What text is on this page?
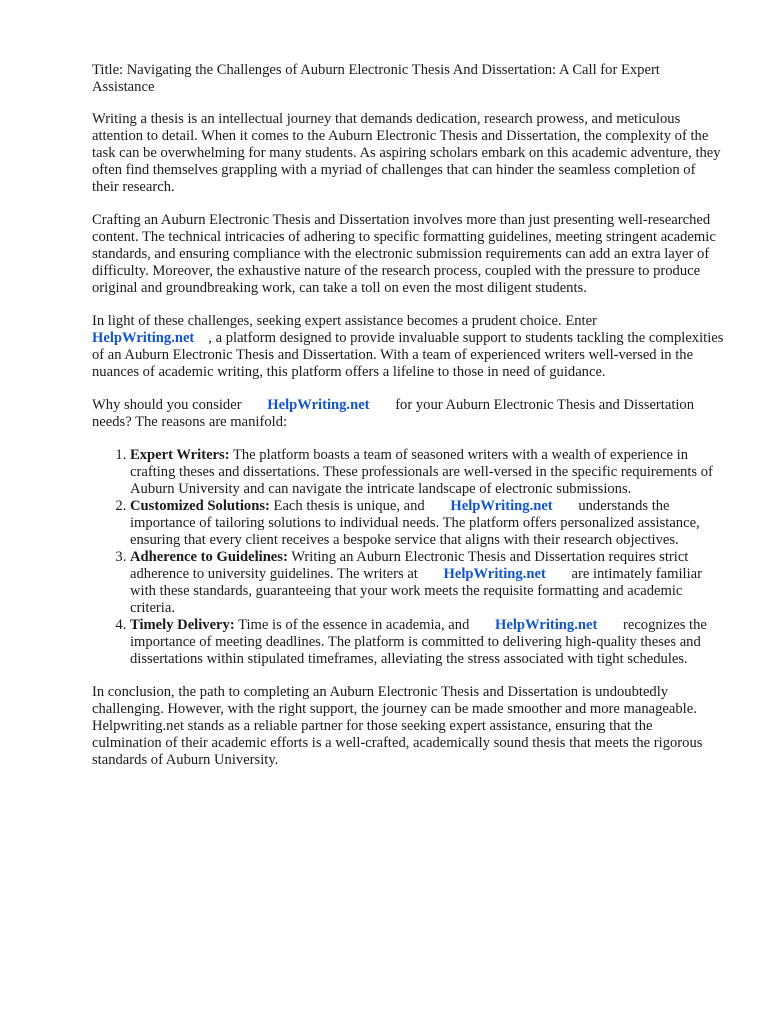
Title: Navigating the Challenges of Auburn Electronic Thesis And Dissertation: A Call for Expert Assistance

Writing a thesis is an intellectual journey that demands dedication, research prowess, and meticulous attention to detail. When it comes to the Auburn Electronic Thesis and Dissertation, the complexity of the task can be overwhelming for many students. As aspiring scholars embark on this academic adventure, they often find themselves grappling with a myriad of challenges that can hinder the seamless completion of their research.

Crafting an Auburn Electronic Thesis and Dissertation involves more than just presenting well-researched content. The technical intricacies of adhering to specific formatting guidelines, meeting stringent academic standards, and ensuring compliance with the electronic submission requirements can add an extra layer of difficulty. Moreover, the exhaustive nature of the research process, coupled with the pressure to produce original and groundbreaking work, can take a toll on even the most diligent students.

In light of these challenges, seeking expert assistance becomes a prudent choice. Enter
HelpWriting.net , a platform designed to provide invaluable support to students tackling the complexities of an Auburn Electronic Thesis and Dissertation. With a team of experienced writers well-versed in the nuances of academic writing, this platform offers a lifeline to those in need of guidance.

Why should you consider HelpWriting.net for your Auburn Electronic Thesis and Dissertation needs? The reasons are manifold:

1. Expert Writers: The platform boasts a team of seasoned writers with a wealth of experience in crafting theses and dissertations. These professionals are well-versed in the specific requirements of Auburn University and can navigate the intricate landscape of electronic submissions.
2. Customized Solutions: Each thesis is unique, and HelpWriting.net understands the importance of tailoring solutions to individual needs. The platform offers personalized assistance, ensuring that every client receives a bespoke service that aligns with their research objectives.
3. Adherence to Guidelines: Writing an Auburn Electronic Thesis and Dissertation requires strict adherence to university guidelines. The writers at HelpWriting.net are intimately familiar with these standards, guaranteeing that your work meets the requisite formatting and academic criteria.
4. Timely Delivery: Time is of the essence in academia, and HelpWriting.net recognizes the importance of meeting deadlines. The platform is committed to delivering high-quality theses and dissertations within stipulated timeframes, alleviating the stress associated with tight schedules.

In conclusion, the path to completing an Auburn Electronic Thesis and Dissertation is undoubtedly challenging. However, with the right support, the journey can be made smoother and more manageable. Helpwriting.net stands as a reliable partner for those seeking expert assistance, ensuring that the culmination of their academic efforts is a well-crafted, academically sound thesis that meets the rigorous standards of Auburn University.
